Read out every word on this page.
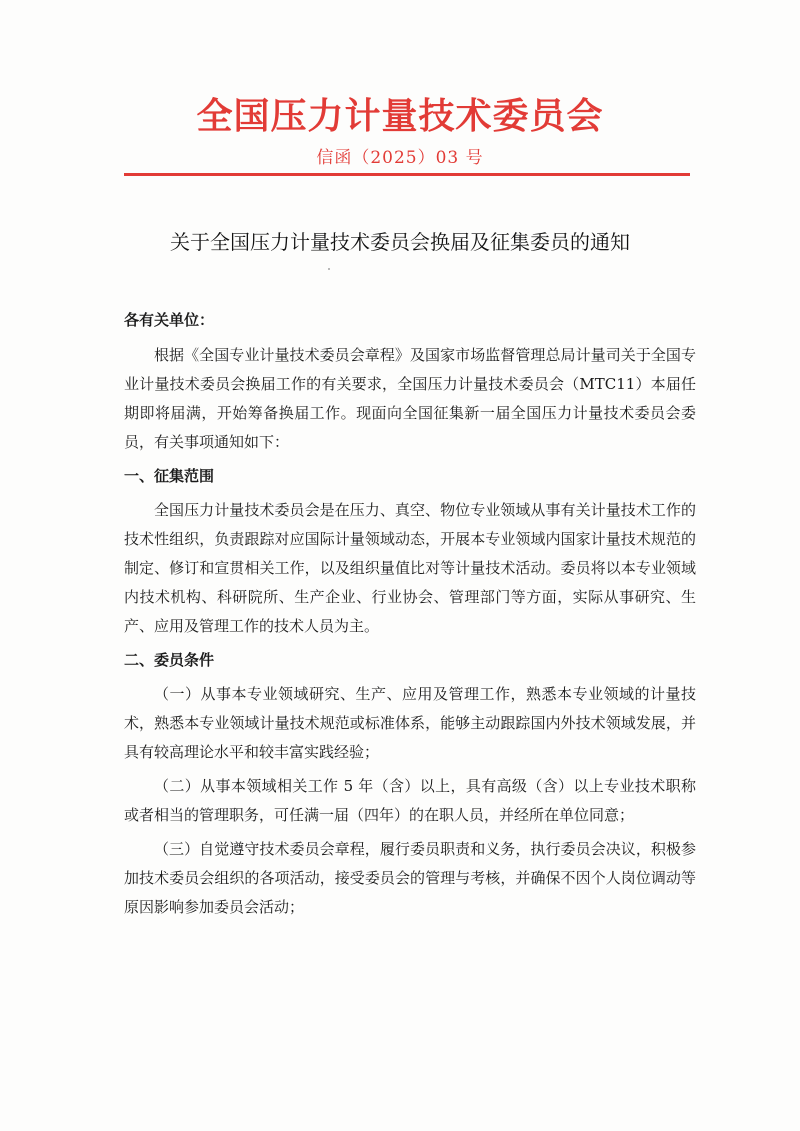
全国压力计量技术委员会
信函（2025）03 号
关于全国压力计量技术委员会换届及征集委员的通知

各有关单位：

根据《全国专业计量技术委员会章程》及国家市场监督管理总局计量司关于全国专业计量技术委员会换届工作的有关要求，全国压力计量技术委员会（MTC11）本届任期即将届满，开始筹备换届工作。现面向全国征集新一届全国压力计量技术委员会委员，有关事项通知如下：

一、征集范围

全国压力计量技术委员会是在压力、真空、物位专业领域从事有关计量技术工作的技术性组织，负责跟踪对应国际计量领域动态，开展本专业领域内国家计量技术规范的制定、修订和宣贯相关工作，以及组织量值比对等计量技术活动。委员将以本专业领域内技术机构、科研院所、生产企业、行业协会、管理部门等方面，实际从事研究、生产、应用及管理工作的技术人员为主。

二、委员条件

（一）从事本专业领域研究、生产、应用及管理工作，熟悉本专业领域的计量技术，熟悉本专业领域计量技术规范或标准体系，能够主动跟踪国内外技术领域发展，并具有较高理论水平和较丰富实践经验；

（二）从事本领域相关工作 5 年（含）以上，具有高级（含）以上专业技术职称或者相当的管理职务，可任满一届（四年）的在职人员，并经所在单位同意；

（三）自觉遵守技术委员会章程，履行委员职责和义务，执行委员会决议，积极参加技术委员会组织的各项活动，接受委员会的管理与考核，并确保不因个人岗位调动等原因影响参加委员会活动；
